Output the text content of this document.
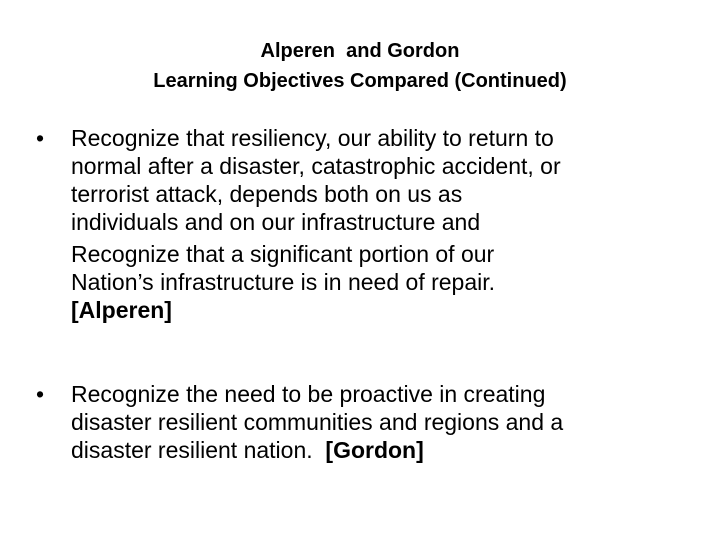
Alperen  and Gordon
Learning Objectives Compared (Continued)
• Recognize that resiliency, our ability to return to
normal after a disaster, catastrophic accident, or
terrorist attack, depends both on us as
individuals and on our infrastructure and
Recognize that a significant portion of our
Nation’s infrastructure is in need of repair.
[Alperen]
• Recognize the need to be proactive in creating
disaster resilient communities and regions and a
disaster resilient nation.  [Gordon]
